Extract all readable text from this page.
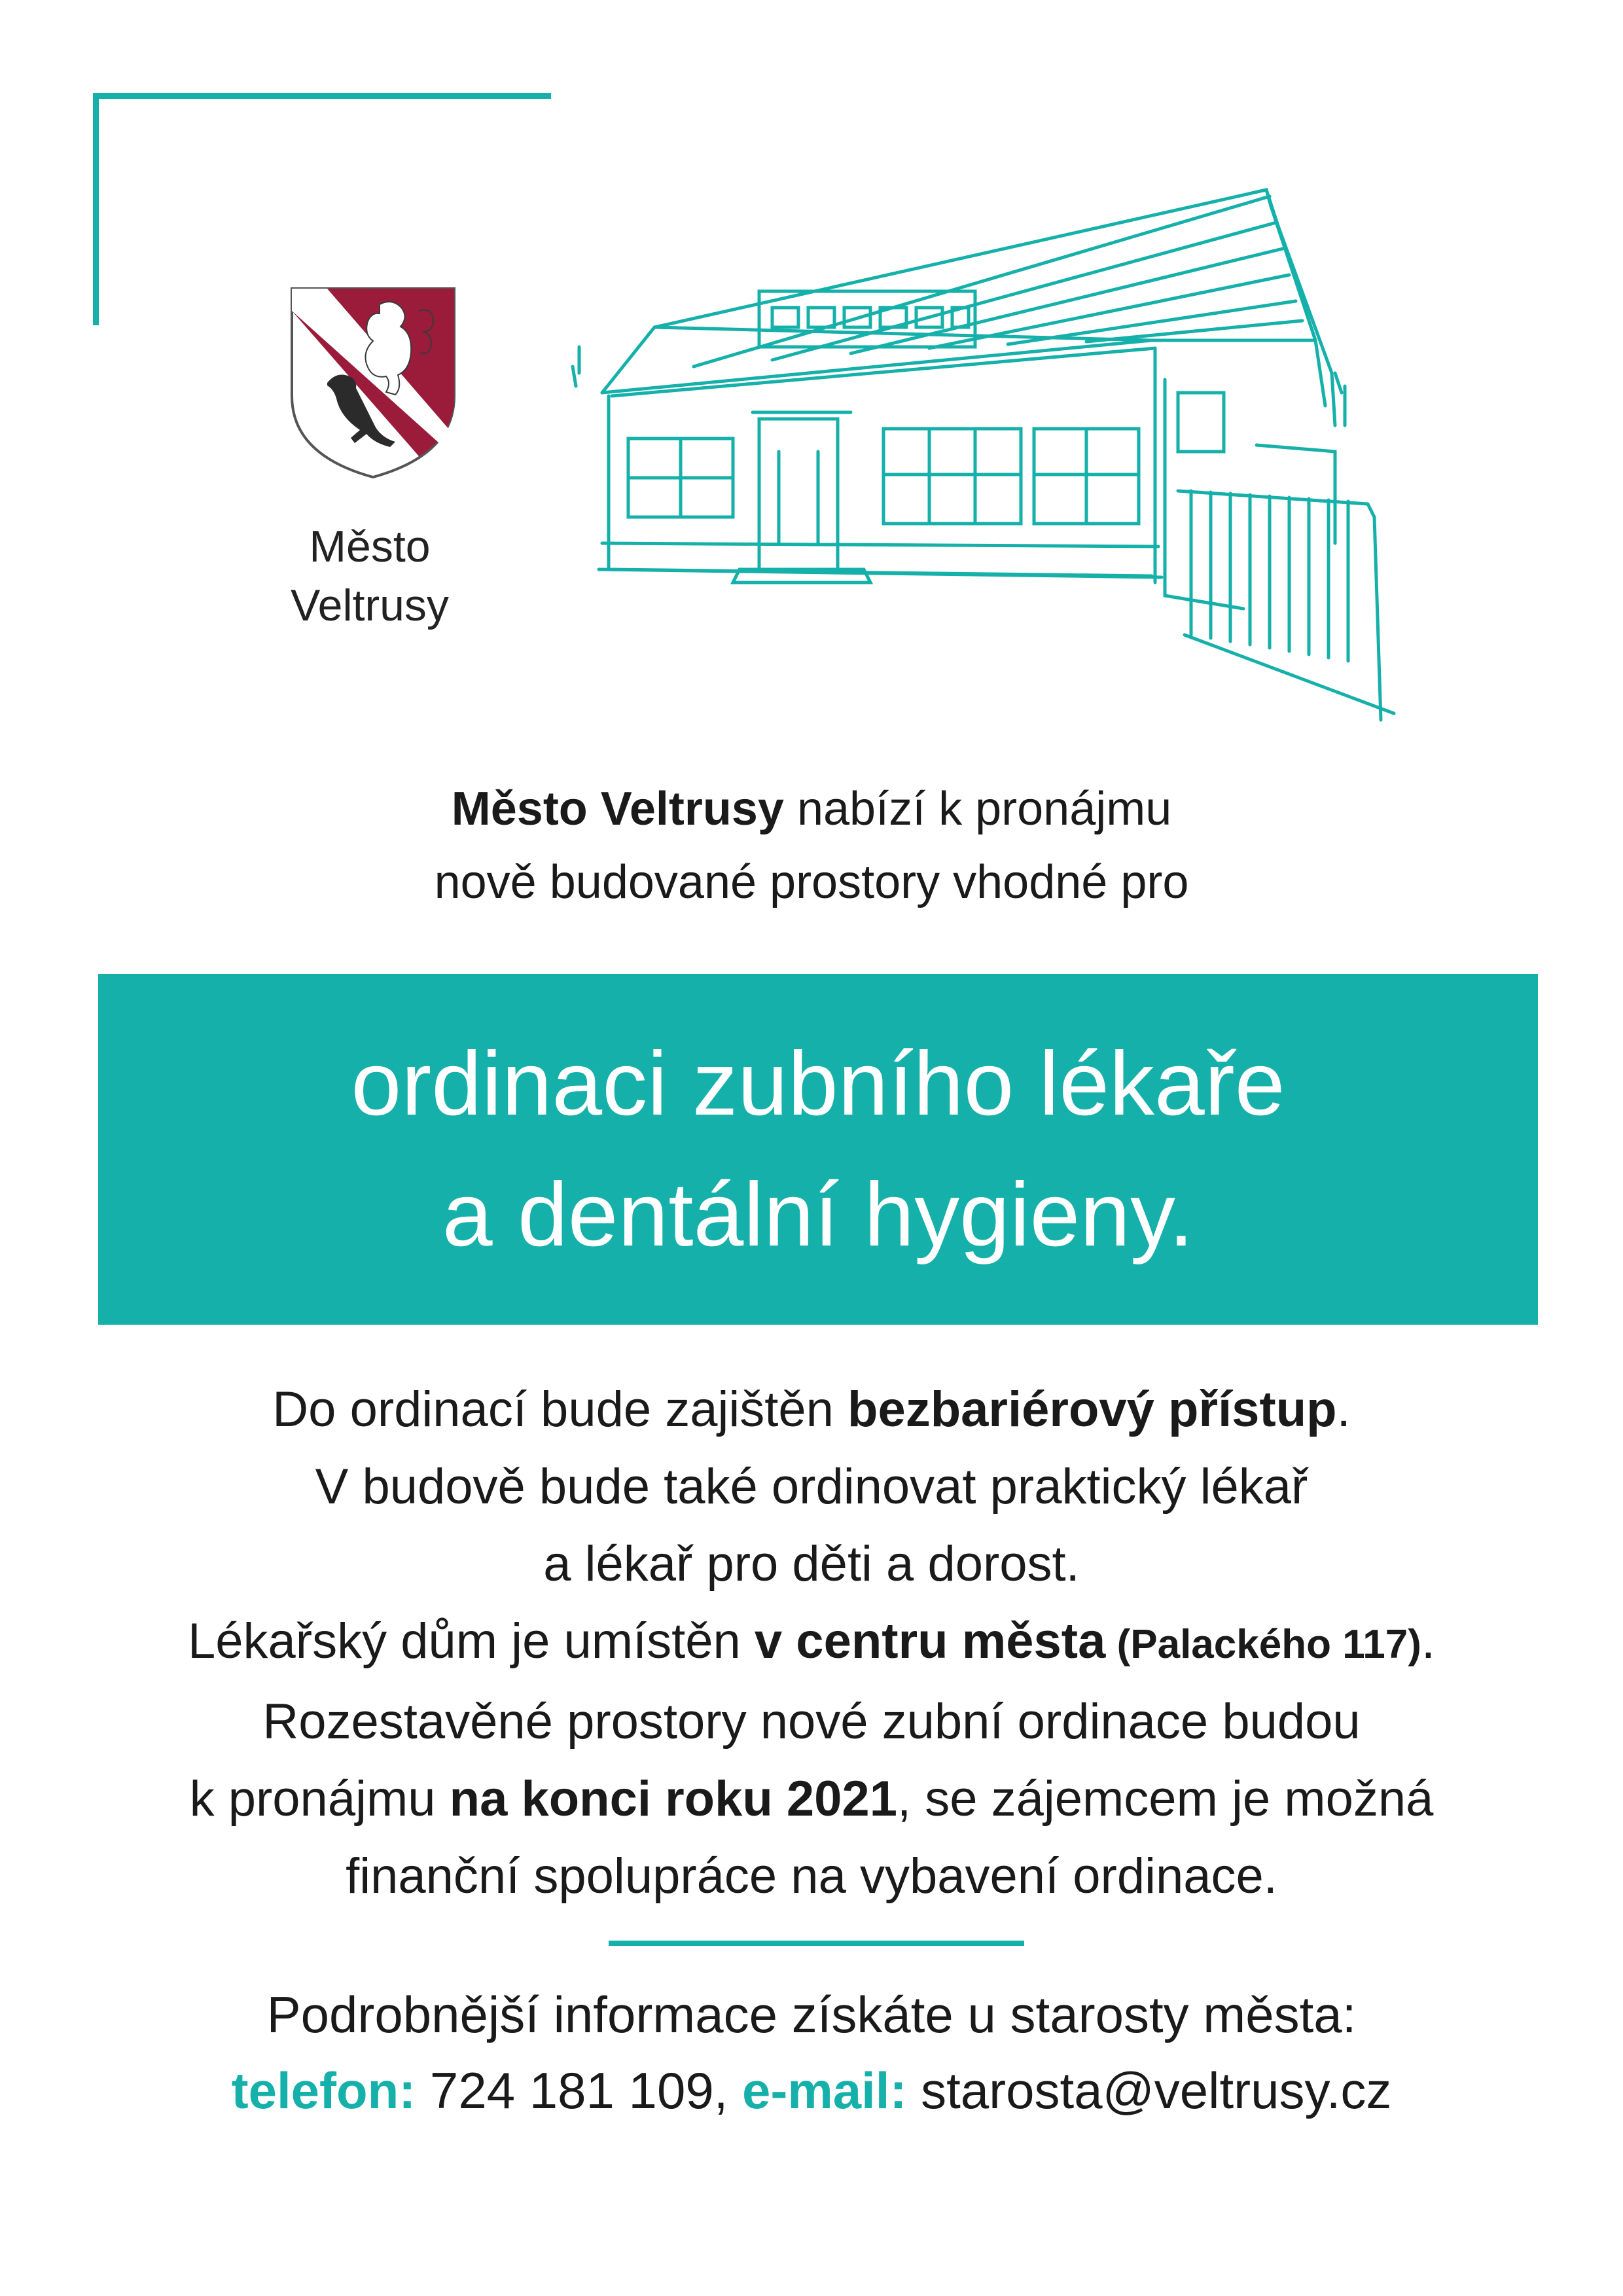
Město
Veltrusy
Město Veltrusy nabízí k pronájmu
nově budované prostory vhodné pro
ordinaci zubního lékaře
a dentální hygieny.
Do ordinací bude zajištěn bezbariérový přístup.
V budově bude také ordinovat praktický lékař
a lékař pro děti a dorost.
Lékařský dům je umístěn v centru města (Palackého 117).
Rozestavěné prostory nové zubní ordinace budou
k pronájmu na konci roku 2021, se zájemcem je možná
finanční spolupráce na vybavení ordinace.
Podrobnější informace získáte u starosty města:
telefon: 724 181 109, e-mail: starosta@veltrusy.cz
